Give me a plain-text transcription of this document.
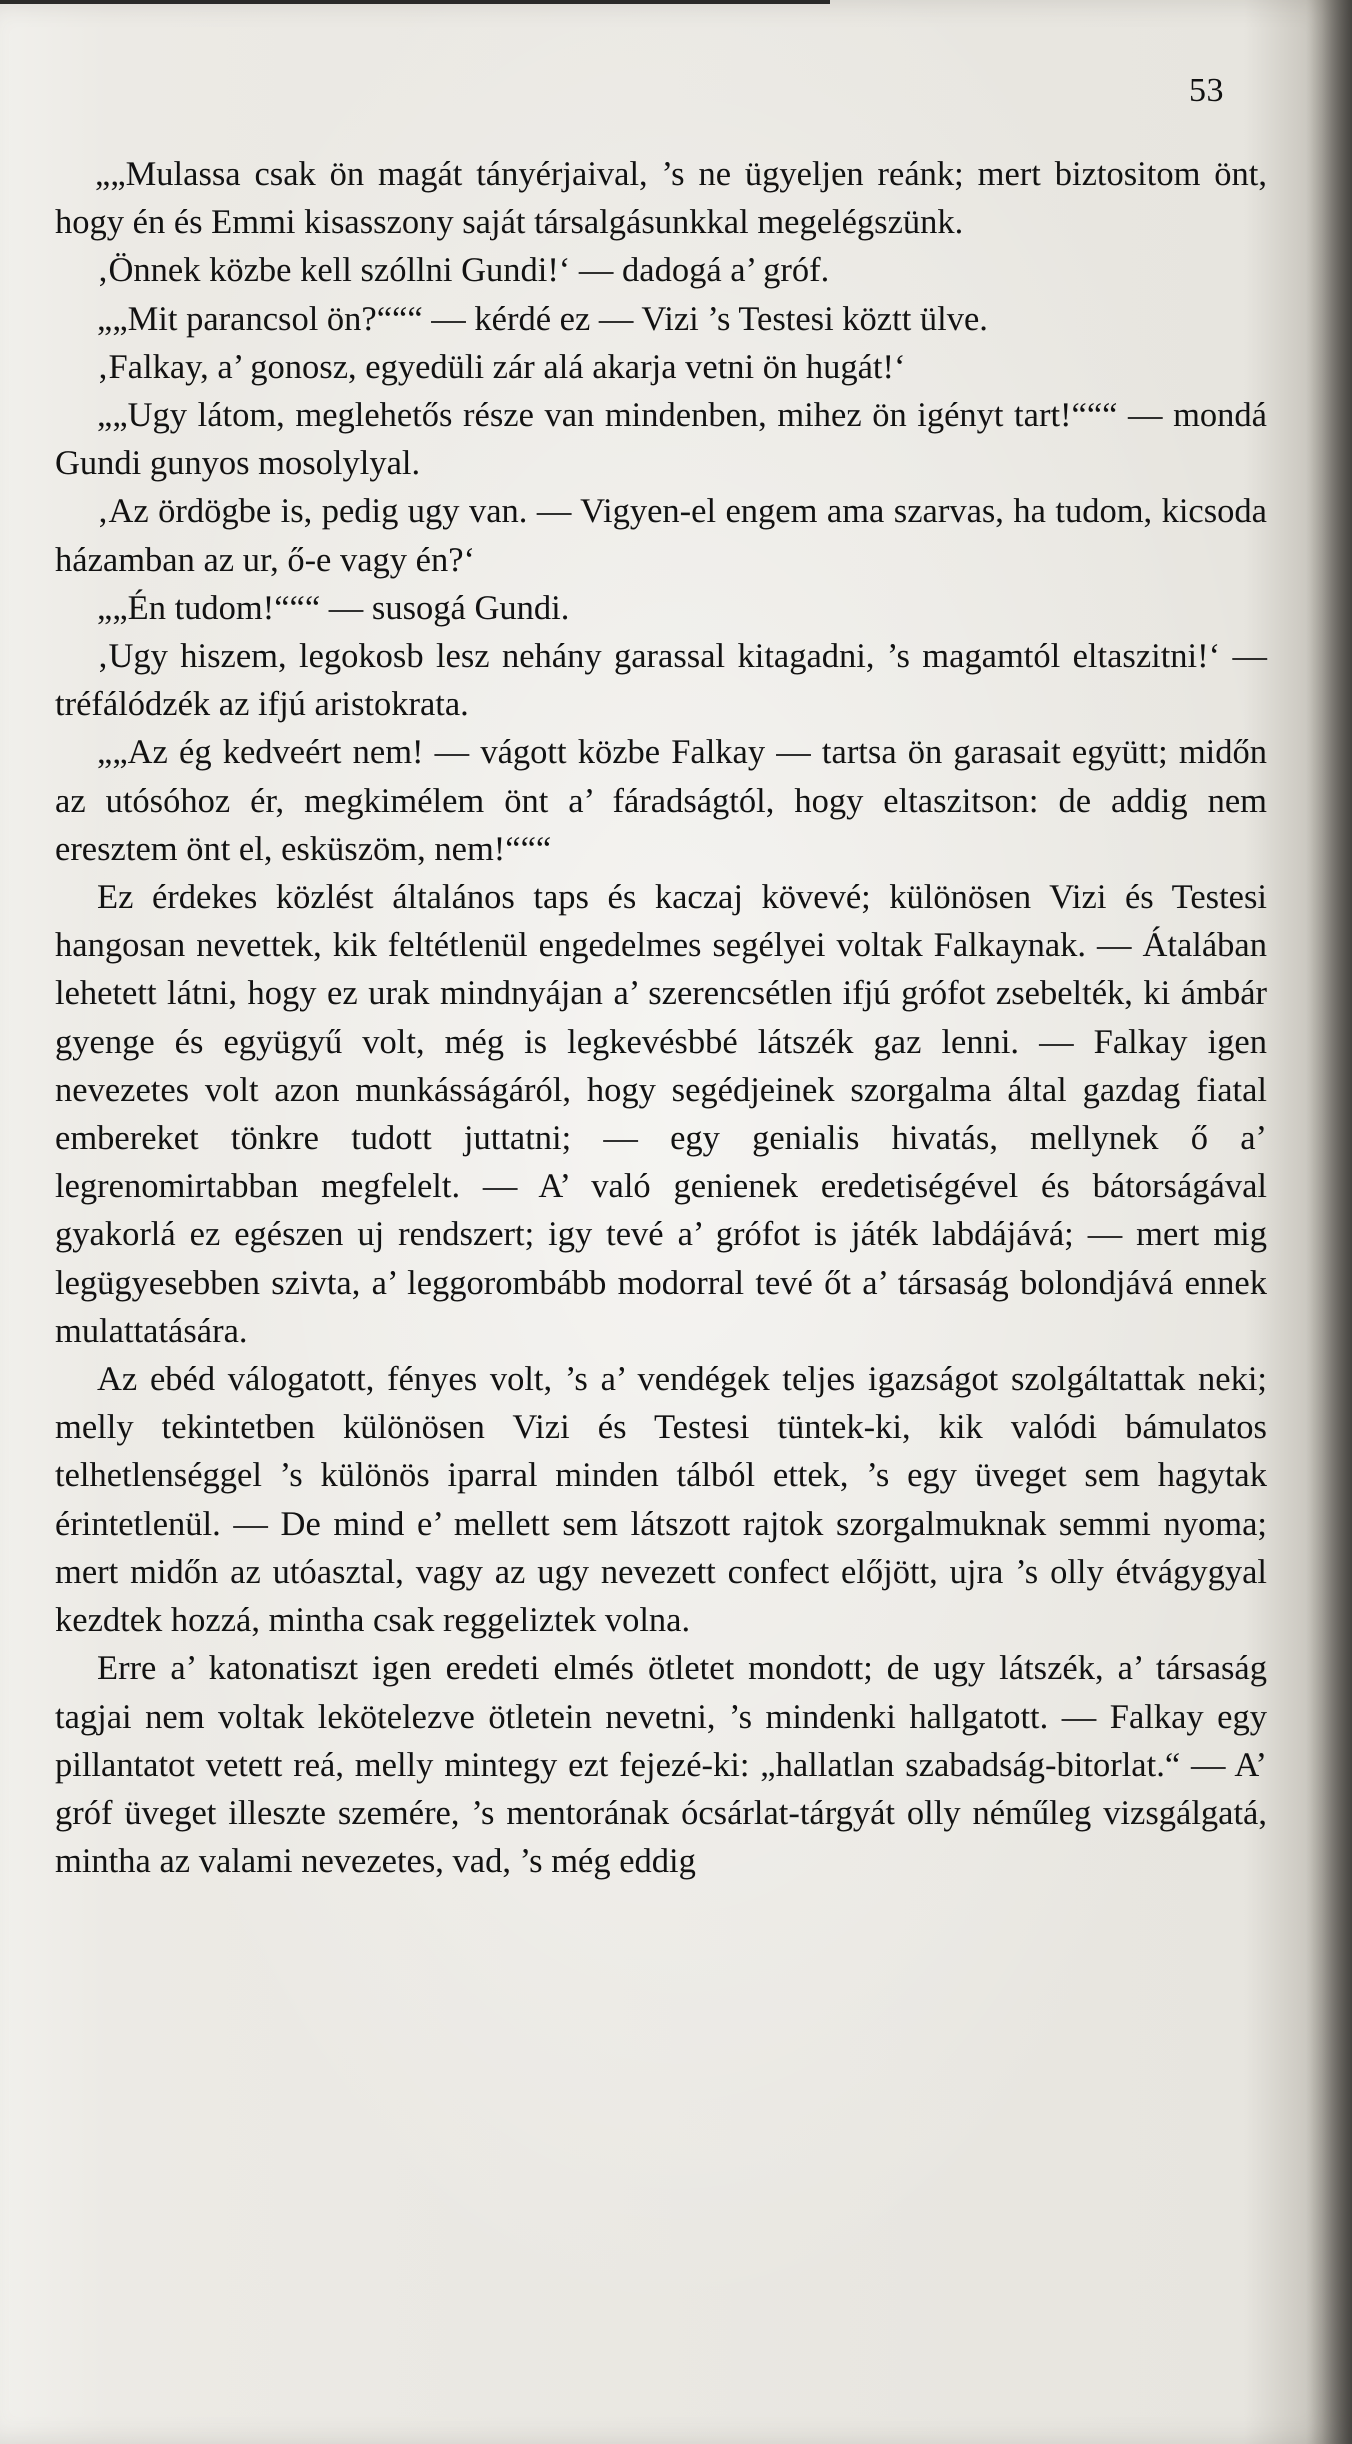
53

„„Mulassa csak ön magát tányérjaival, ’s ne ügyeljen reánk; mert biztositom önt, hogy én és Emmi kisasszony saját társalgásunkkal megelégszünk.

‚Önnek közbe kell szóllni Gundi!‘ — dadogá a’ gróf.

„„Mit parancsol ön?“““ — kérdé ez — Vizi ’s Testesi köztt ülve.

‚Falkay, a’ gonosz, egyedüli zár alá akarja vetni ön hugát!‘

„„Ugy látom, meglehetős része van mindenben, mihez ön igényt tart!“““ — mondá Gundi gunyos mosolylyal.

‚Az ördögbe is, pedig ugy van. — Vigyen-el engem ama szarvas, ha tudom, kicsoda házamban az ur, ő-e vagy én?‘

„„Én tudom!“““ — susogá Gundi.

‚Ugy hiszem, legokosb lesz nehány garassal kitagadni, ’s magamtól eltaszitni!‘ — tréfálódzék az ifjú aristokrata.

„„Az ég kedveért nem! — vágott közbe Falkay — tartsa ön garasait együtt; midőn az utósóhoz ér, megkimélem önt a’ fáradságtól, hogy eltaszitson: de addig nem eresztem önt el, esküszöm, nem!“““

Ez érdekes közlést általános taps és kaczaj kövevé; különösen Vizi és Testesi hangosan nevettek, kik feltétlenül engedelmes segélyei voltak Falkaynak. — Átalában lehetett látni, hogy ez urak mindnyájan a’ szerencsétlen ifjú grófot zsebelték, ki ámbár gyenge és együgyű volt, még is legkevésbbé látszék gaz lenni. — Falkay igen nevezetes volt azon munkásságáról, hogy segédjeinek szorgalma által gazdag fiatal embereket tönkre tudott juttatni; — egy genialis hivatás, mellynek ő a’ legrenomirtabban megfelelt. — A’ való genienek eredetiségével és bátorságával gyakorlá ez egészen uj rendszert; igy tevé a’ grófot is játék labdájává; — mert mig legügyesebben szivta, a’ leggorombább modorral tevé őt a’ társaság bolondjává ennek mulattatására.

Az ebéd válogatott, fényes volt, ’s a’ vendégek teljes igazságot szolgáltattak neki; melly tekintetben különösen Vizi és Testesi tüntek-ki, kik valódi bámulatos telhetlenséggel ’s különös iparral minden tálból ettek, ’s egy üveget sem hagytak érintetlenül. — De mind e’ mellett sem látszott rajtok szorgalmuknak semmi nyoma; mert midőn az utóasztal, vagy az ugy nevezett confect előjött, ujra ’s olly étvágygyal kezdtek hozzá, mintha csak reggeliztek volna.

Erre a’ katonatiszt igen eredeti elmés ötletet mondott; de ugy látszék, a’ társaság tagjai nem voltak lekötelezve ötletein nevetni, ’s mindenki hallgatott. — Falkay egy pillantatot vetett reá, melly mintegy ezt fejezé-ki: „hallatlan szabadság-bitorlat.“ — A’ gróf üveget illeszte szemére, ’s mentorának ócsárlat-tárgyát olly néműleg vizsgálgatá, mintha az valami nevezetes, vad, ’s még eddig
